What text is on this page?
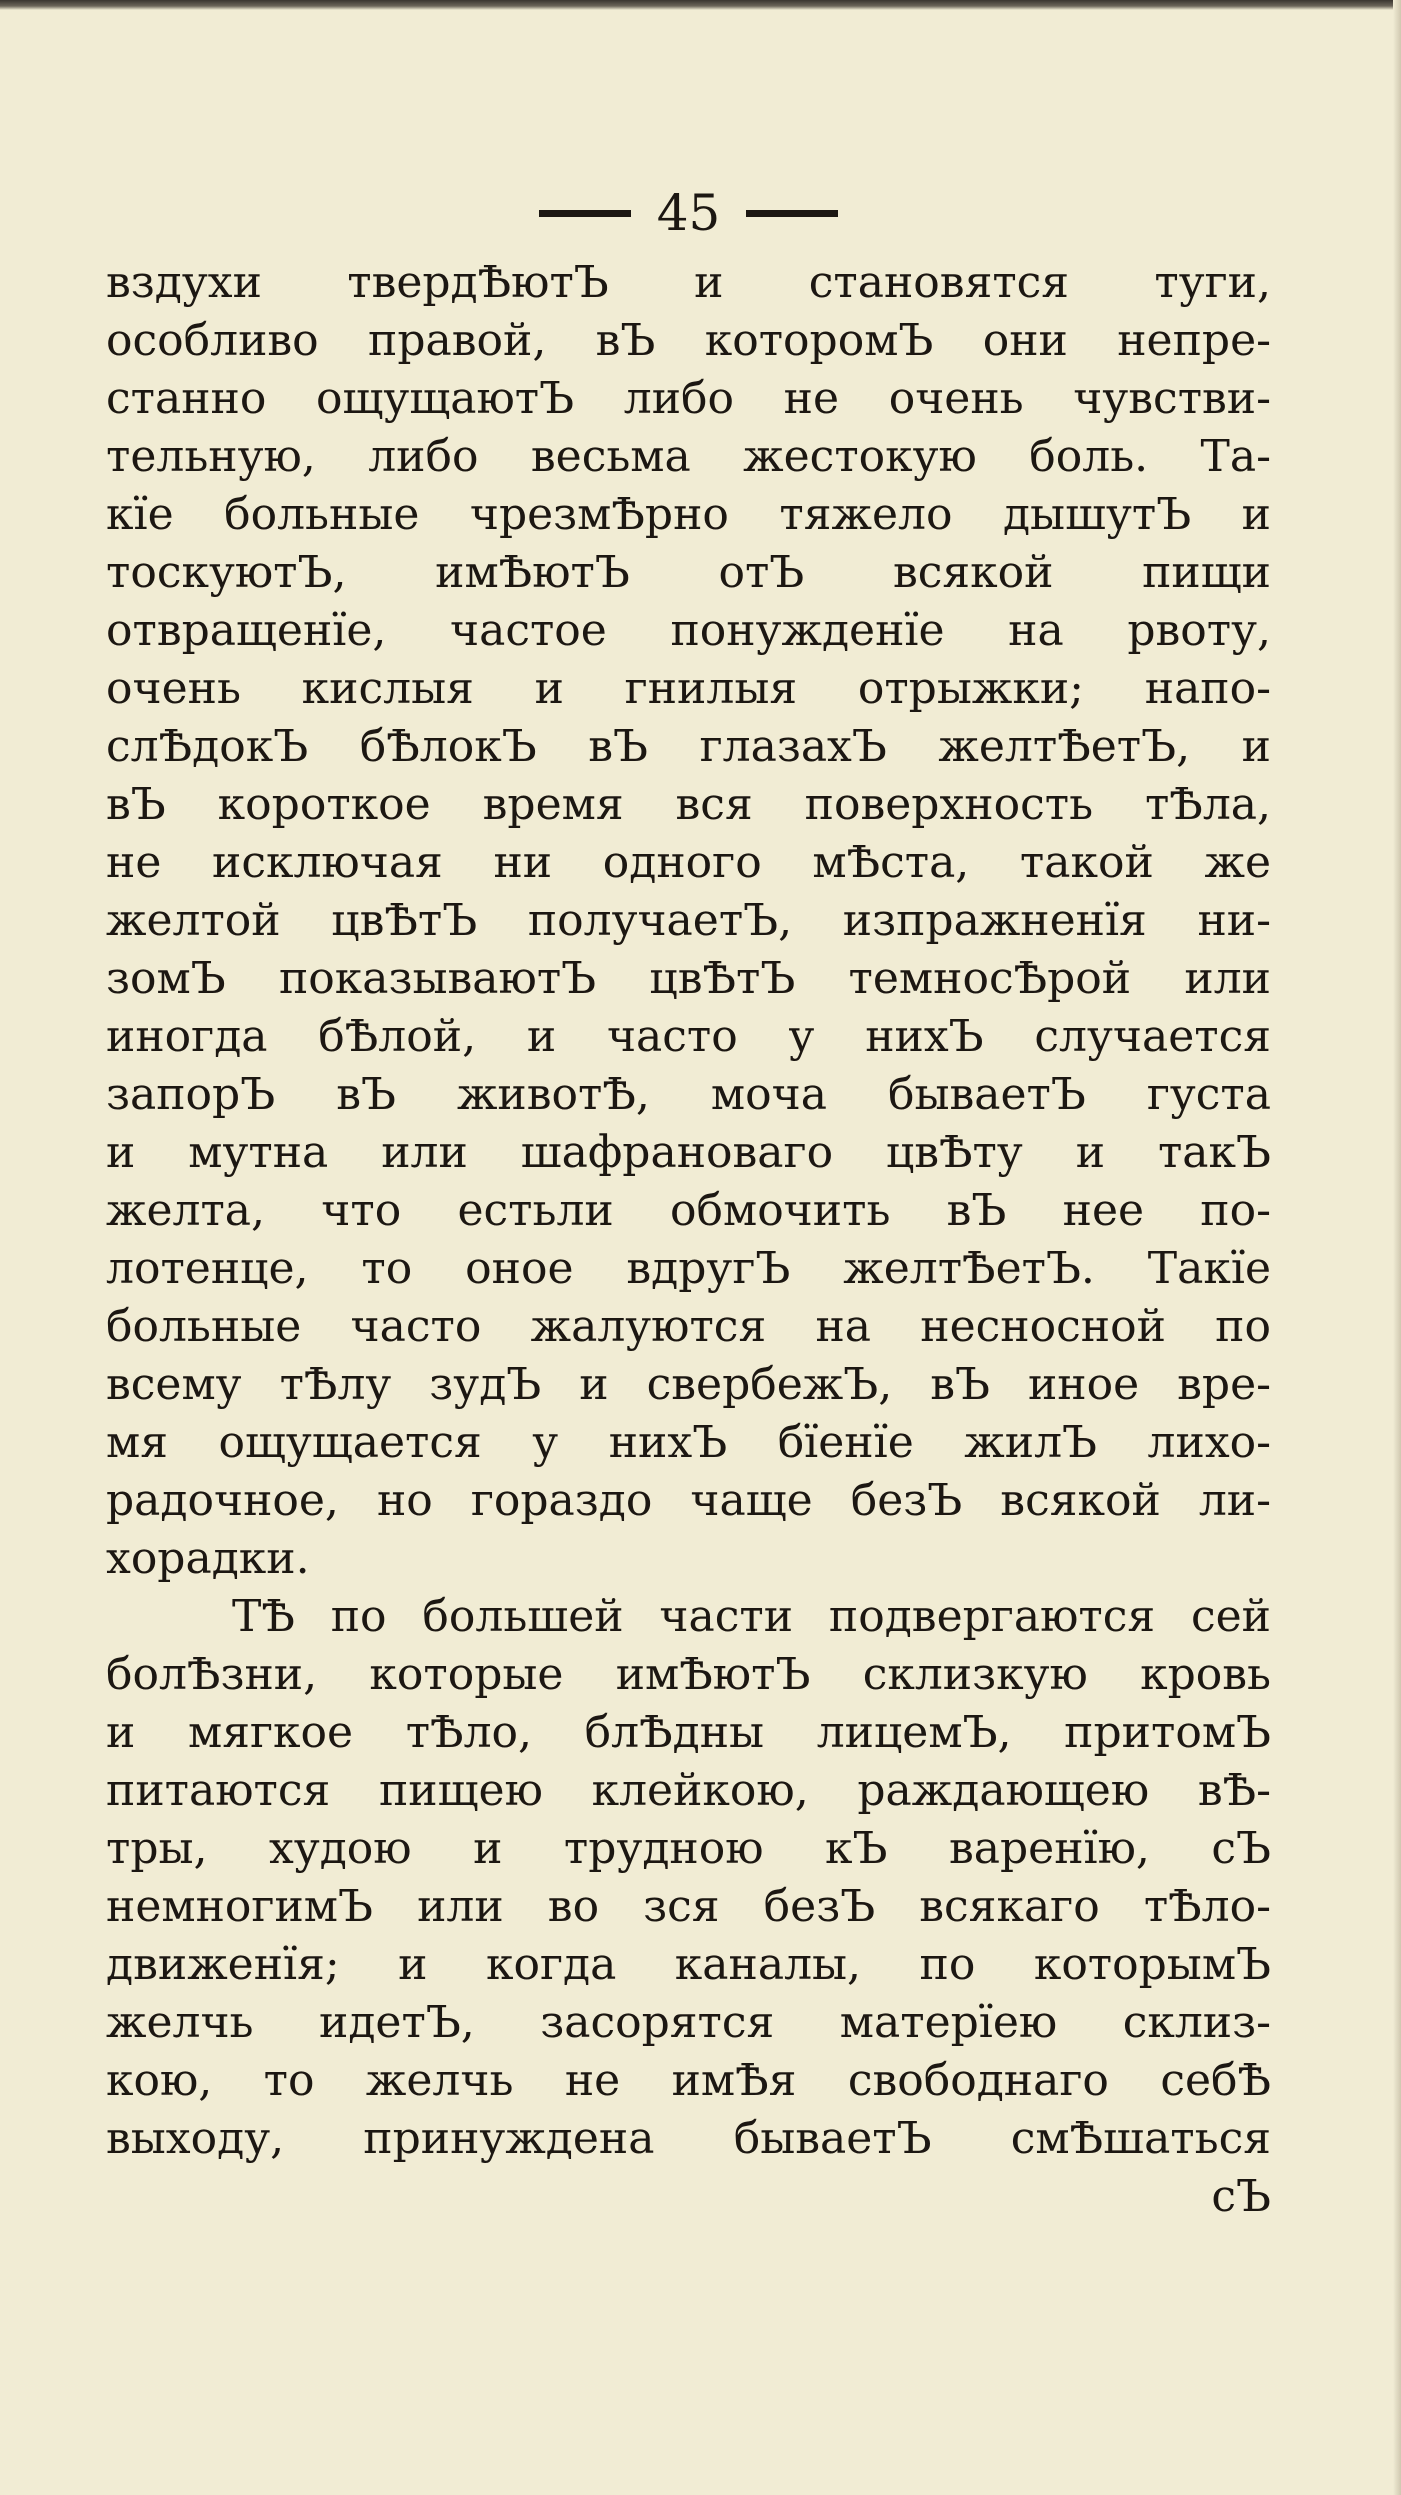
45
вздухи твердѢютЪ и становятся туги,
особливо правой, вЪ которомЪ они непре-
станно ощущаютЪ либо не очень чувстви-
тельную, либо весьма жестокую боль. Та-
кїе больные чрезмѢрно тяжело дышутЪ и
тоскуютЪ, имѢютЪ отЪ всякой пищи
отвращенїе, частое понужденїе на рвоту,
очень кислыя и гнилыя отрыжки; напо-
слѢдокЪ бѢлокЪ вЪ глазахЪ желтѢетЪ, и
вЪ короткое время вся поверхность тѢла,
не исключая ни одного мѢста, такой же
желтой цвѢтЪ получаетЪ, изпражненїя ни-
зомЪ показываютЪ цвѢтЪ темносѢрой или
иногда бѢлой, и часто у нихЪ случается
запорЪ вЪ животѢ, моча бываетЪ густа
и мутна или шафрановаго цвѢту и такЪ
желта, что естьли обмочить вЪ нее по-
лотенце, то оное вдругЪ желтѢетЪ. Такїе
больные часто жалуются на несносной по
всему тѢлу зудЪ и свербежЪ, вЪ иное вре-
мя ощущается у нихЪ бїенїе жилЪ лихо-
радочное, но гораздо чаще безЪ всякой ли-
хорадки.
ТѢ по большей части подвергаются сей
болѢзни, которые имѢютЪ склизкую кровь
и мягкое тѢло, блѢдны лицемЪ, притомЪ
питаются пищею клейкою, раждающею вѢ-
тры, худою и трудною кЪ варенїю, сЪ
немногимЪ или во зся безЪ всякаго тѢло-
движенїя; и когда каналы, по которымЪ
желчь идетЪ, засорятся матерїею склиз-
кою, то желчь не имѢя свободнаго себѢ
выходу, принуждена бываетЪ смѢшаться
сЪ
